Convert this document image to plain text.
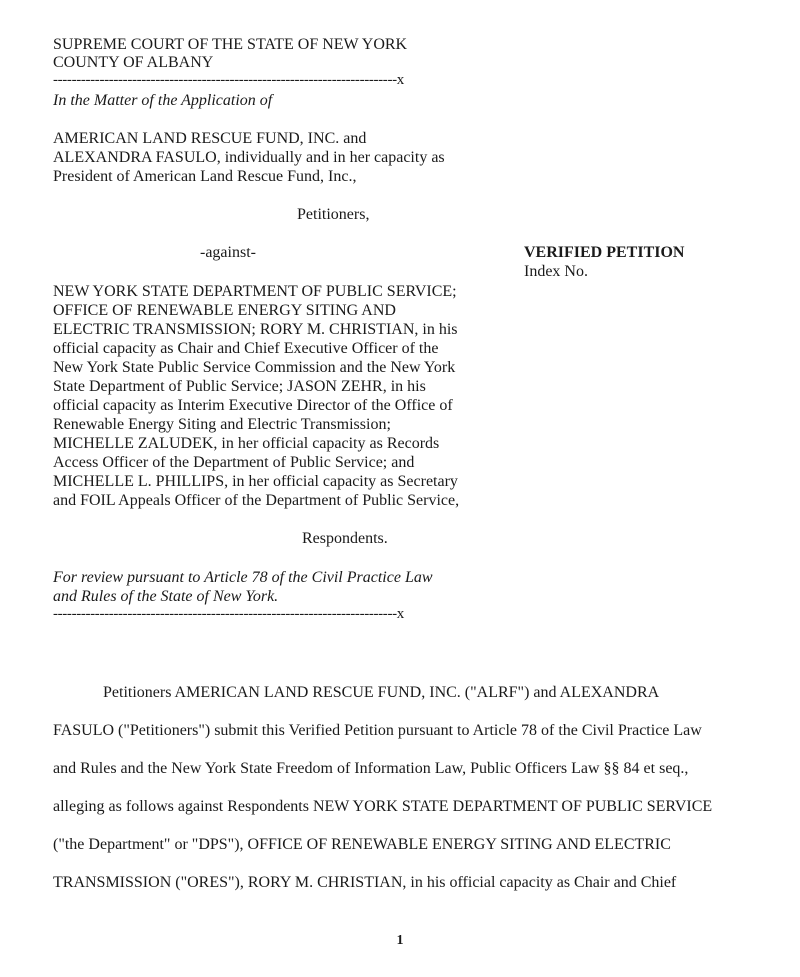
SUPREME COURT OF THE STATE OF NEW YORK
COUNTY OF ALBANY
--------------------------------------------------------------------------x
In the Matter of the Application of
AMERICAN LAND RESCUE FUND, INC. and
ALEXANDRA FASULO, individually and in her capacity as
President of American Land Rescue Fund, Inc.,
Petitioners,
-against-	VERIFIED PETITION
Index No.
NEW YORK STATE DEPARTMENT OF PUBLIC SERVICE;
OFFICE OF RENEWABLE ENERGY SITING AND
ELECTRIC TRANSMISSION; RORY M. CHRISTIAN, in his
official capacity as Chair and Chief Executive Officer of the
New York State Public Service Commission and the New York
State Department of Public Service; JASON ZEHR, in his
official capacity as Interim Executive Director of the Office of
Renewable Energy Siting and Electric Transmission;
MICHELLE ZALUDEK, in her official capacity as Records
Access Officer of the Department of Public Service; and
MICHELLE L. PHILLIPS, in her official capacity as Secretary
and FOIL Appeals Officer of the Department of Public Service,
Respondents.
For review pursuant to Article 78 of the Civil Practice Law
and Rules of the State of New York.
--------------------------------------------------------------------------x
Petitioners AMERICAN LAND RESCUE FUND, INC. ("ALRF") and ALEXANDRA
FASULO ("Petitioners") submit this Verified Petition pursuant to Article 78 of the Civil Practice Law
and Rules and the New York State Freedom of Information Law, Public Officers Law §§ 84 et seq.,
alleging as follows against Respondents NEW YORK STATE DEPARTMENT OF PUBLIC SERVICE
("the Department" or "DPS"), OFFICE OF RENEWABLE ENERGY SITING AND ELECTRIC
TRANSMISSION ("ORES"), RORY M. CHRISTIAN, in his official capacity as Chair and Chief
1
